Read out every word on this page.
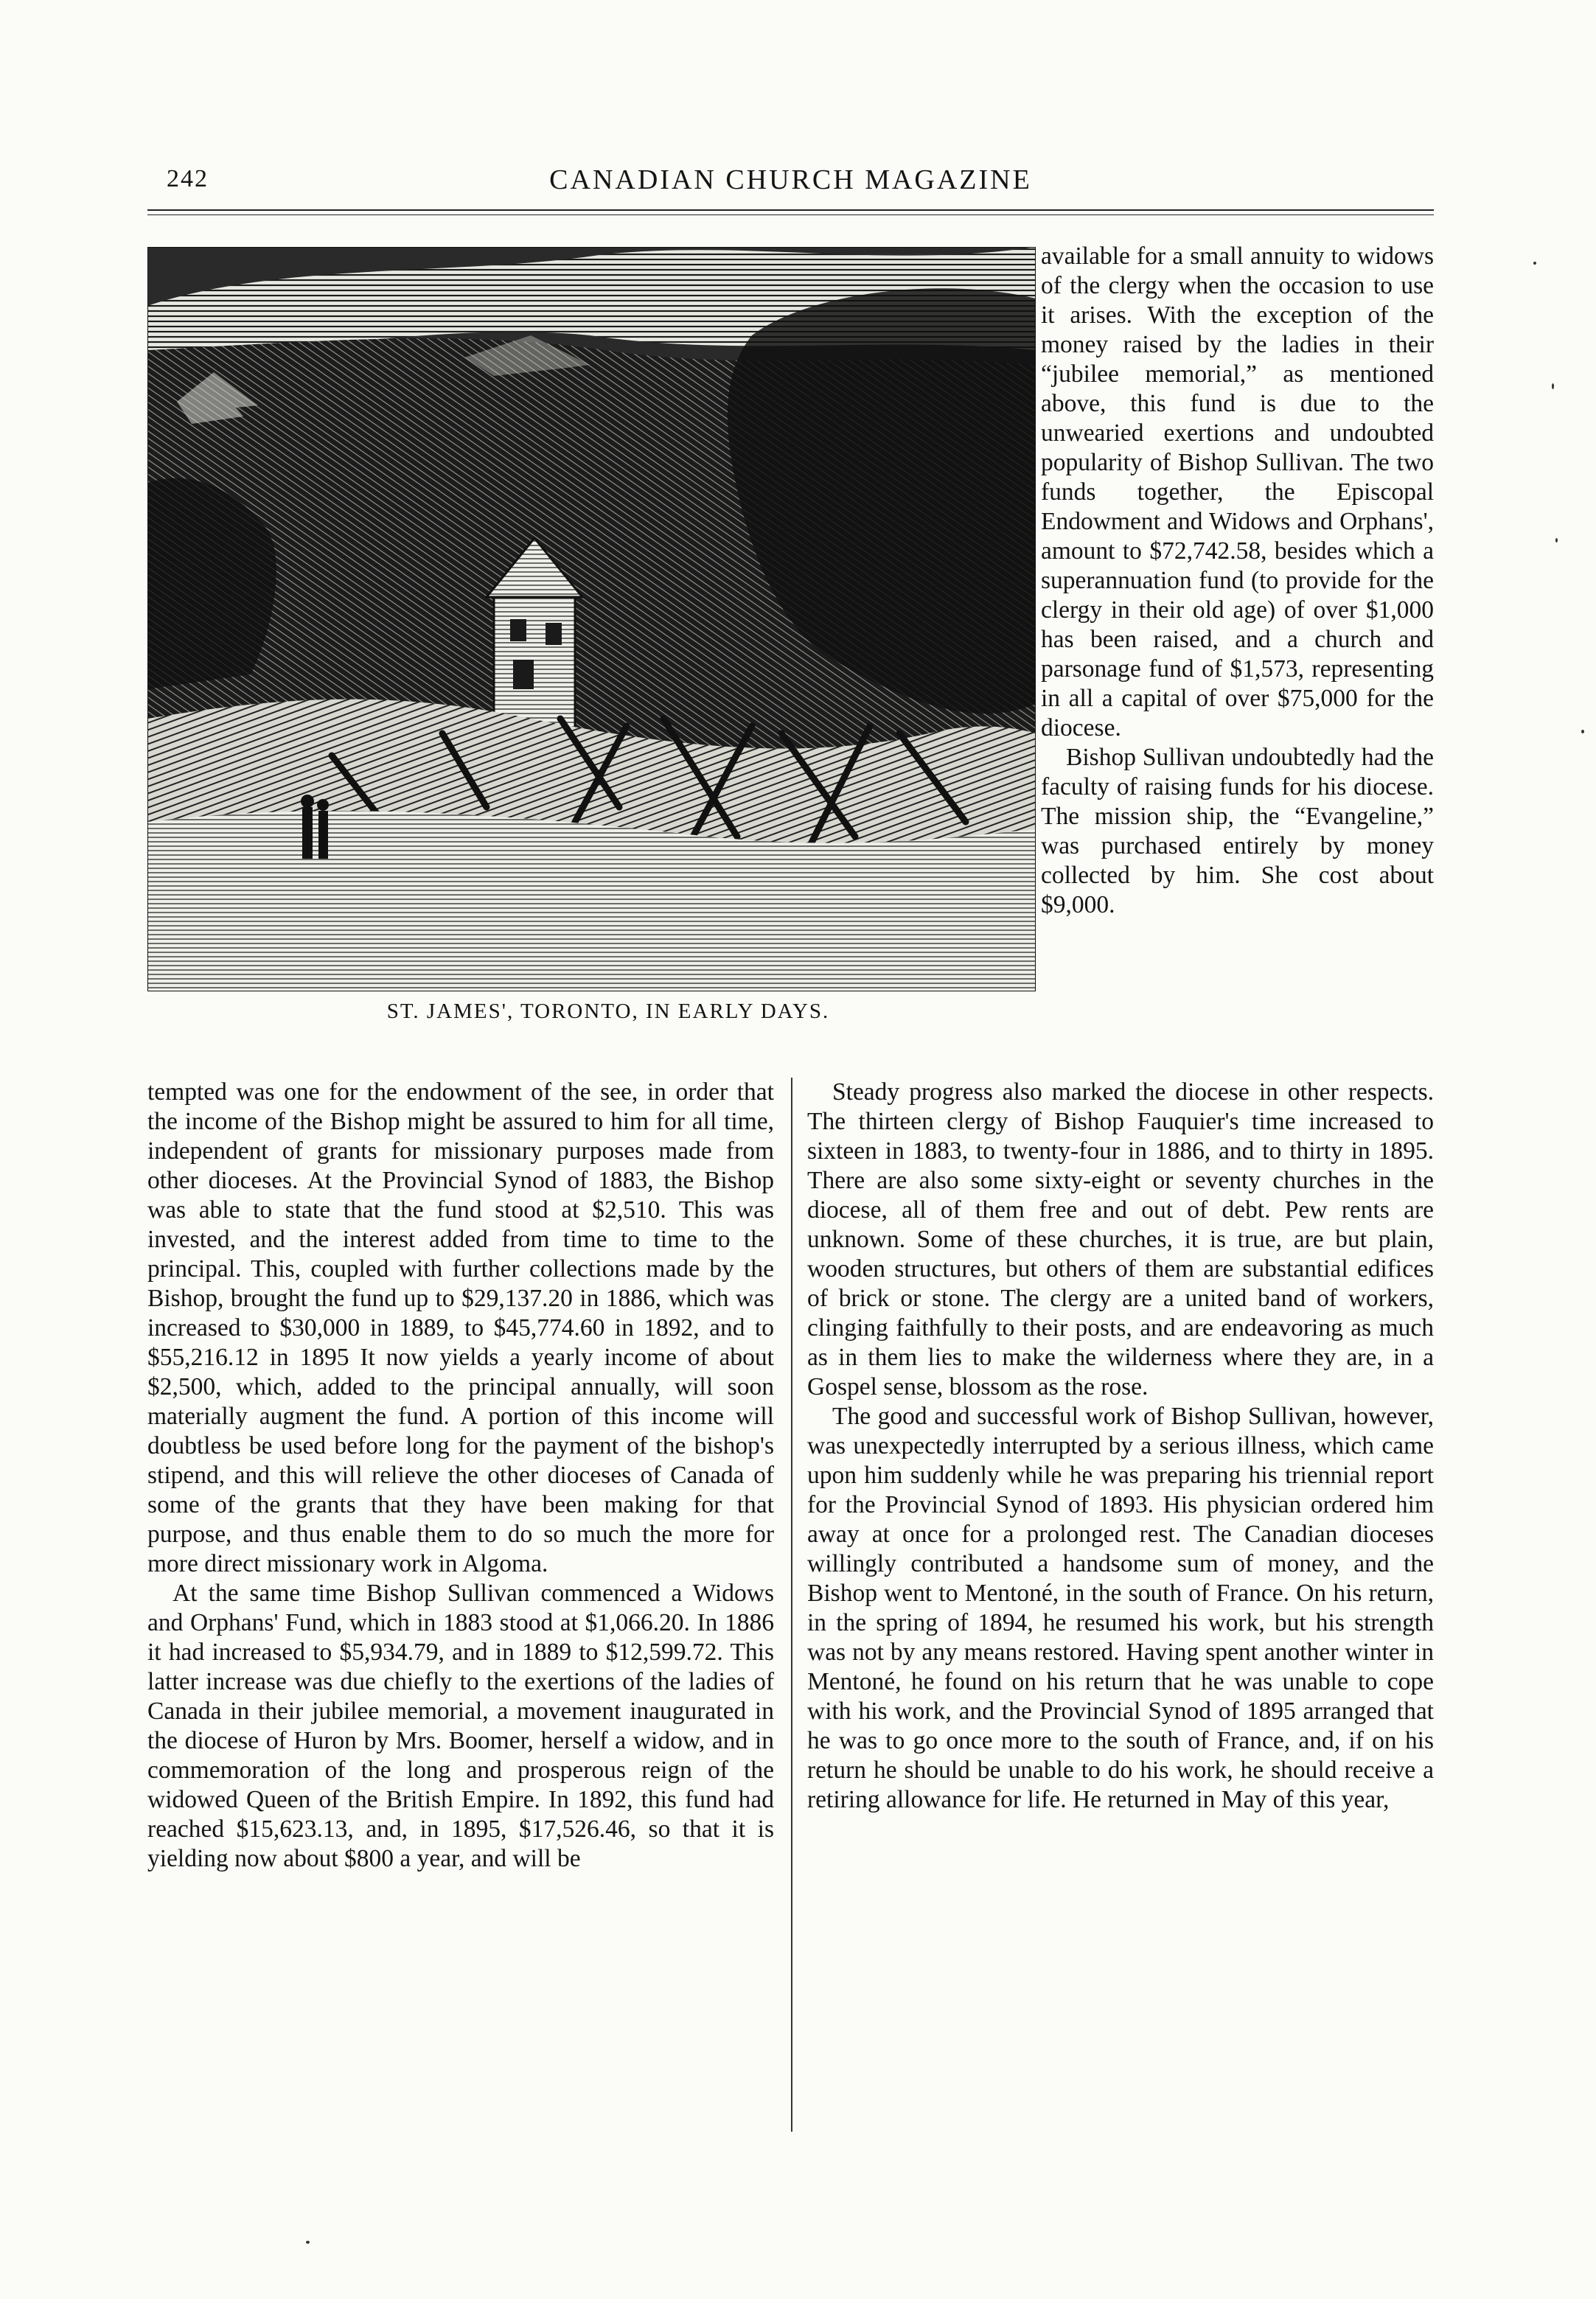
242	CANADIAN CHURCH MAGAZINE
ST. JAMES', TORONTO, IN EARLY DAYS.

available for a small annuity to widows of the clergy when the occasion to use it arises. With the exception of the money raised by the ladies in their “jubilee memorial,” as mentioned above, this fund is due to the unwearied exertions and undoubted popularity of Bishop Sullivan. The two funds together, the Episcopal Endowment and Widows and Orphans', amount to $72,742.58, besides which a superannuation fund (to provide for the clergy in their old age) of over $1,000 has been raised, and a church and parsonage fund of $1,573, representing in all a capital of over $75,000 for the diocese.

Bishop Sullivan undoubtedly had the faculty of raising funds for his diocese. The mission ship, the “Evangeline,” was purchased entirely by money collected by him. She cost about $9,000.

tempted was one for the endowment of the see, in order that the income of the Bishop might be assured to him for all time, independent of grants for missionary purposes made from other dioceses. At the Provincial Synod of 1883, the Bishop was able to state that the fund stood at $2,510. This was invested, and the interest added from time to time to the principal. This, coupled with further collections made by the Bishop, brought the fund up to $29,137.20 in 1886, which was increased to $30,000 in 1889, to $45,774.60 in 1892, and to $55,216.12 in 1895 It now yields a yearly income of about $2,500, which, added to the principal annually, will soon materially augment the fund. A portion of this income will doubtless be used before long for the payment of the bishop's stipend, and this will relieve the other dioceses of Canada of some of the grants that they have been making for that purpose, and thus enable them to do so much the more for more direct missionary work in Algoma.

At the same time Bishop Sullivan commenced a Widows and Orphans' Fund, which in 1883 stood at $1,066.20. In 1886 it had increased to $5,934.79, and in 1889 to $12,599.72. This latter increase was due chiefly to the exertions of the ladies of Canada in their jubilee memorial, a movement inaugurated in the diocese of Huron by Mrs. Boomer, herself a widow, and in commemoration of the long and prosperous reign of the widowed Queen of the British Empire. In 1892, this fund had reached $15,623.13, and, in 1895, $17,526.46, so that it is yielding now about $800 a year, and will be

Steady progress also marked the diocese in other respects. The thirteen clergy of Bishop Fauquier's time increased to sixteen in 1883, to twenty-four in 1886, and to thirty in 1895. There are also some sixty-eight or seventy churches in the diocese, all of them free and out of debt. Pew rents are unknown. Some of these churches, it is true, are but plain, wooden structures, but others of them are substantial edifices of brick or stone. The clergy are a united band of workers, clinging faithfully to their posts, and are endeavoring as much as in them lies to make the wilderness where they are, in a Gospel sense, blossom as the rose.

The good and successful work of Bishop Sullivan, however, was unexpectedly interrupted by a serious illness, which came upon him suddenly while he was preparing his triennial report for the Provincial Synod of 1893. His physician ordered him away at once for a prolonged rest. The Canadian dioceses willingly contributed a handsome sum of money, and the Bishop went to Mentoné, in the south of France. On his return, in the spring of 1894, he resumed his work, but his strength was not by any means restored. Having spent another winter in Mentoné, he found on his return that he was unable to cope with his work, and the Provincial Synod of 1895 arranged that he was to go once more to the south of France, and, if on his return he should be unable to do his work, he should receive a retiring allowance for life. He returned in May of this year,
